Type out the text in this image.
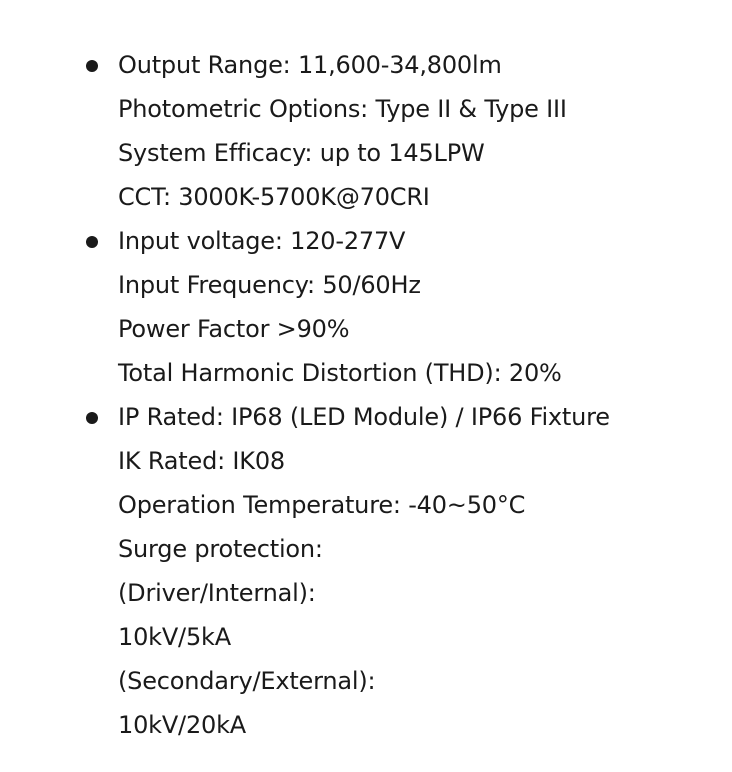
Output Range: 11,600-34,800lm
Photometric Options: Type II & Type III
System Efficacy: up to 145LPW
CCT: 3000K-5700K@70CRI
Input voltage: 120-277V
Input Frequency: 50/60Hz
Power Factor >90%
Total Harmonic Distortion (THD): 20%
IP Rated: IP68 (LED Module) / IP66 Fixture
IK Rated: IK08
Operation Temperature: -40~50°C
Surge protection:
(Driver/Internal):
10kV/5kA
(Secondary/External):
10kV/20kA
